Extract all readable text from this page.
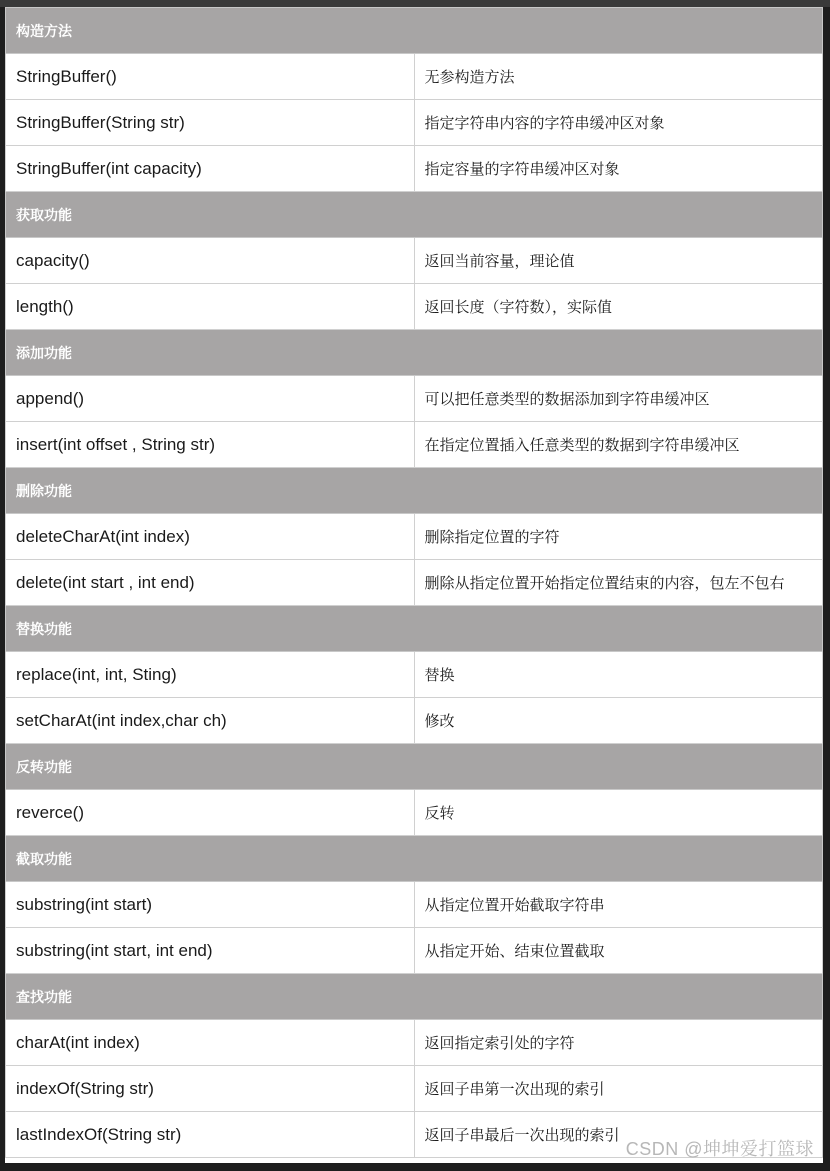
构造方法	
StringBuffer()	无参构造方法
StringBuffer(String str)	指定字符串内容的字符串缓冲区对象
StringBuffer(int capacity)	指定容量的字符串缓冲区对象
获取功能	
capacity()	返回当前容量，理论值
length()	返回长度（字符数），实际值
添加功能	
append()	可以把任意类型的数据添加到字符串缓冲区
insert(int offset , String str)	在指定位置插入任意类型的数据到字符串缓冲区
删除功能	
deleteCharAt(int index)	删除指定位置的字符
delete(int start , int end)	删除从指定位置开始指定位置结束的内容，包左不包右
替换功能	
replace(int, int, Sting)	替换
setCharAt(int index,char ch)	修改
反转功能	
reverce()	反转
截取功能	
substring(int start)	从指定位置开始截取字符串
substring(int start, int end)	从指定开始、结束位置截取
查找功能	
charAt(int index)	返回指定索引处的字符
indexOf(String str)	返回子串第一次出现的索引
lastIndexOf(String str)	返回子串最后一次出现的索引
CSDN @坤坤爱打篮球
